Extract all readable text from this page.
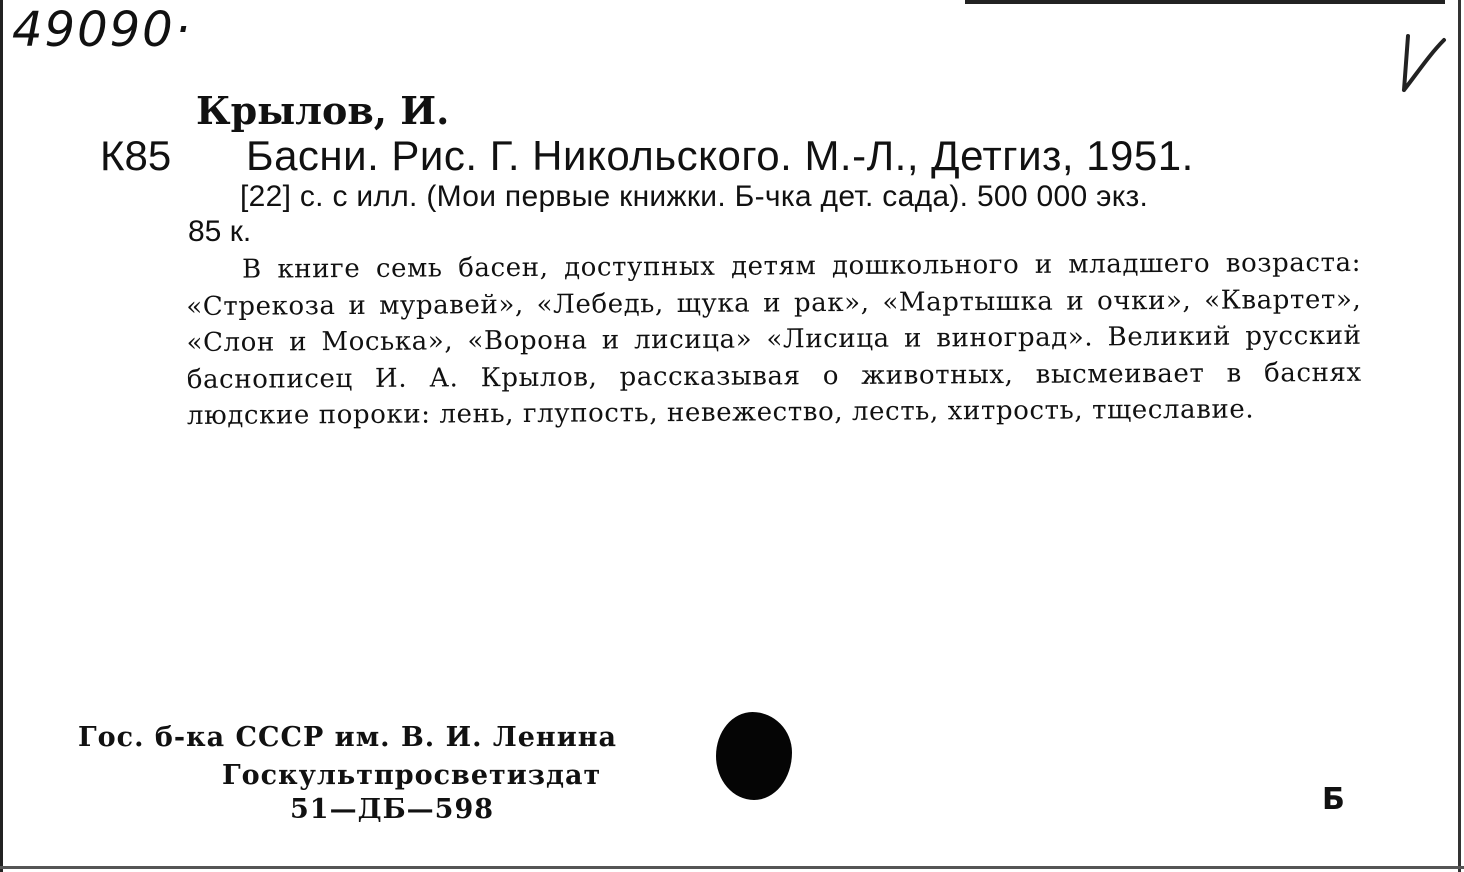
49090·
Крылов, И.
К85 Басни. Рис. Г. Никольского. М.-Л., Детгиз, 1951.
[22] с. с илл. (Мои первые книжки. Б-чка дет. сада). 500 000 экз.
85 к.
В книге семь басен, доступных детям дошкольного и младшего возраста: «Стрекоза и муравей», «Лебедь, щука и рак», «Мартышка и очки», «Квартет», «Слон и Моська», «Ворона и лисица» «Лисица и виноград». Великий русский баснописец И. А. Крылов, рассказывая о животных, высмеивает в баснях людские пороки: лень, глупость, невежество, лесть, хитрость, тщеславие.
Гос. б-ка СССР им. В. И. Ленина
Госкультпросветиздат
51—ДБ—598	Б
